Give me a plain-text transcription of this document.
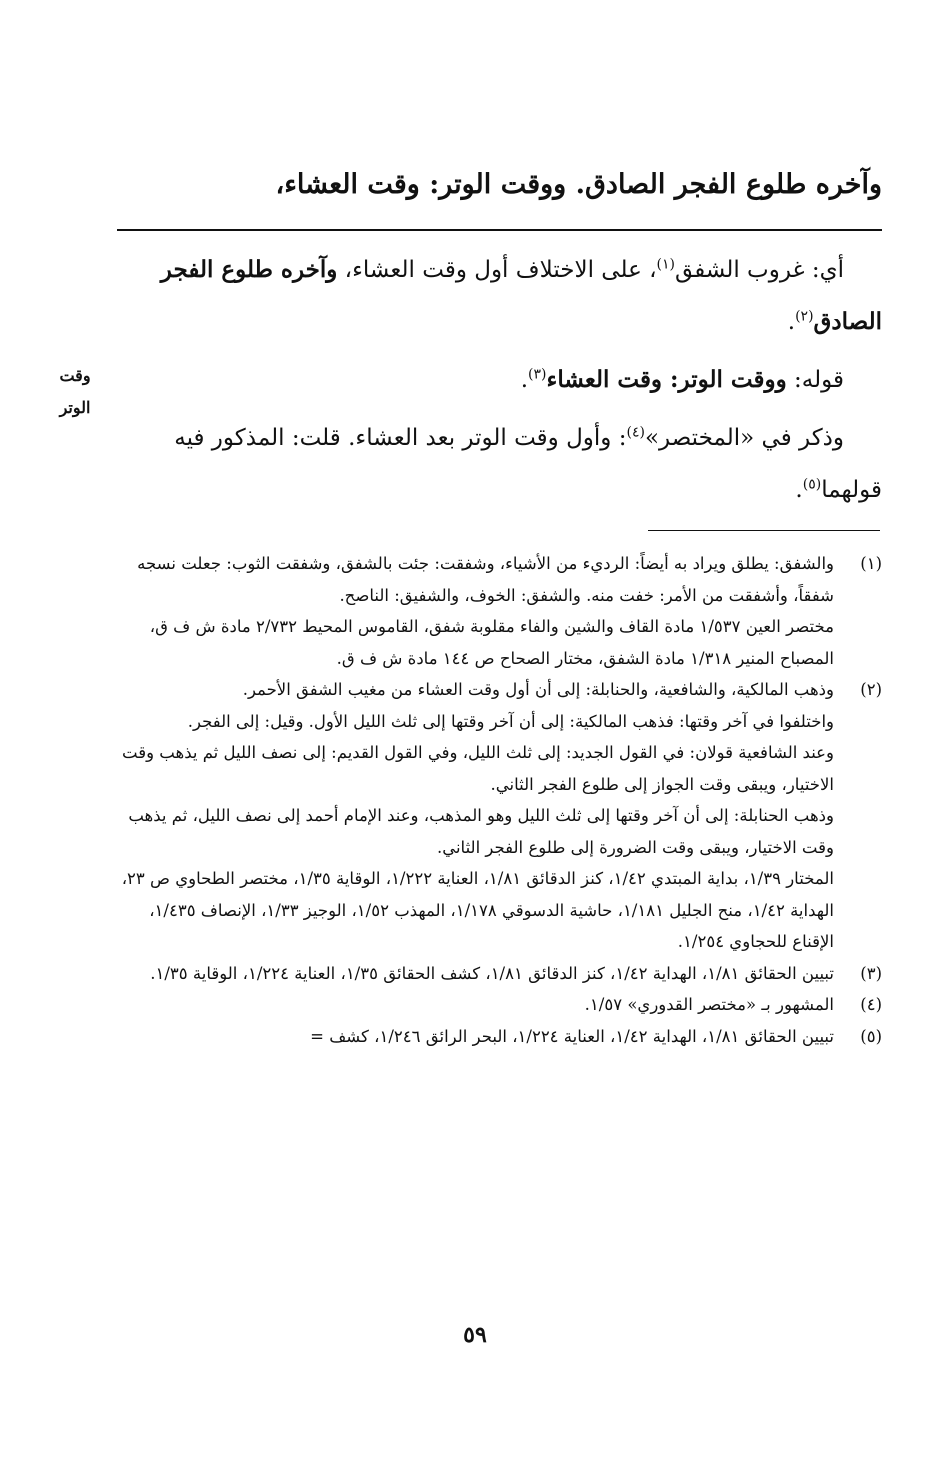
وآخره طلوع الفجر الصادق. ووقت الوتر: وقت العشاء،

أي: غروب الشفق$^{(١)}$، على الاختلاف أول وقت العشاء، وآخره طلوع الفجر الصادق$^{(٢)}$.

قوله: ووقت الوتر: وقت العشاء$^{(٣)}$.

وذكر في «المختصر»$^{(٤)}$: وأول وقت الوتر بعد العشاء. قلت: المذكور فيه قولهما$^{(٥)}$.

وقت
الوتر
(١)

والشفق: يطلق ويراد به أيضاً: الرديء من الأشياء، وشفقت: جئت بالشفق، وشفقت الثوب: جعلت نسجه شفقاً، وأشفقت من الأمر: خفت منه. والشفق: الخوف، والشفيق: الناصح.

مختصر العين ١/٥٣٧ مادة القاف والشين والفاء مقلوبة شفق، القاموس المحيط ٢/٧٣٢ مادة ش ف ق، المصباح المنير ١/٣١٨ مادة الشفق، مختار الصحاح ص ١٤٤ مادة ش ف ق.

(٢)

وذهب المالكية، والشافعية، والحنابلة: إلى أن أول وقت العشاء من مغيب الشفق الأحمر.

واختلفوا في آخر وقتها: فذهب المالكية: إلى أن آخر وقتها إلى ثلث الليل الأول. وقيل: إلى الفجر.

وعند الشافعية قولان: في القول الجديد: إلى ثلث الليل، وفي القول القديم: إلى نصف الليل ثم يذهب وقت الاختيار، ويبقى وقت الجواز إلى طلوع الفجر الثاني.

وذهب الحنابلة: إلى أن آخر وقتها إلى ثلث الليل وهو المذهب، وعند الإمام أحمد إلى نصف الليل، ثم يذهب وقت الاختيار، ويبقى وقت الضرورة إلى طلوع الفجر الثاني.

المختار ١/٣٩، بداية المبتدي ١/٤٢، كنز الدقائق ١/٨١، العناية ١/٢٢٢، الوقاية ١/٣٥، مختصر الطحاوي ص ٢٣، الهداية ١/٤٢، منح الجليل ١/١٨١، حاشية الدسوقي ١/١٧٨، المهذب ١/٥٢، الوجيز ١/٣٣، الإنصاف ١/٤٣٥، الإقناع للحجاوي ١/٢٥٤.

(٣)

تبيين الحقائق ١/٨١، الهداية ١/٤٢، كنز الدقائق ١/٨١، كشف الحقائق ١/٣٥، العناية ١/٢٢٤، الوقاية ١/٣٥.

(٤)

المشهور بـ «مختصر القدوري» ١/٥٧.

(٥)

تبيين الحقائق ١/٨١، الهداية ١/٤٢، العناية ١/٢٢٤، البحر الرائق ١/٢٤٦، كشف =

٥٩
